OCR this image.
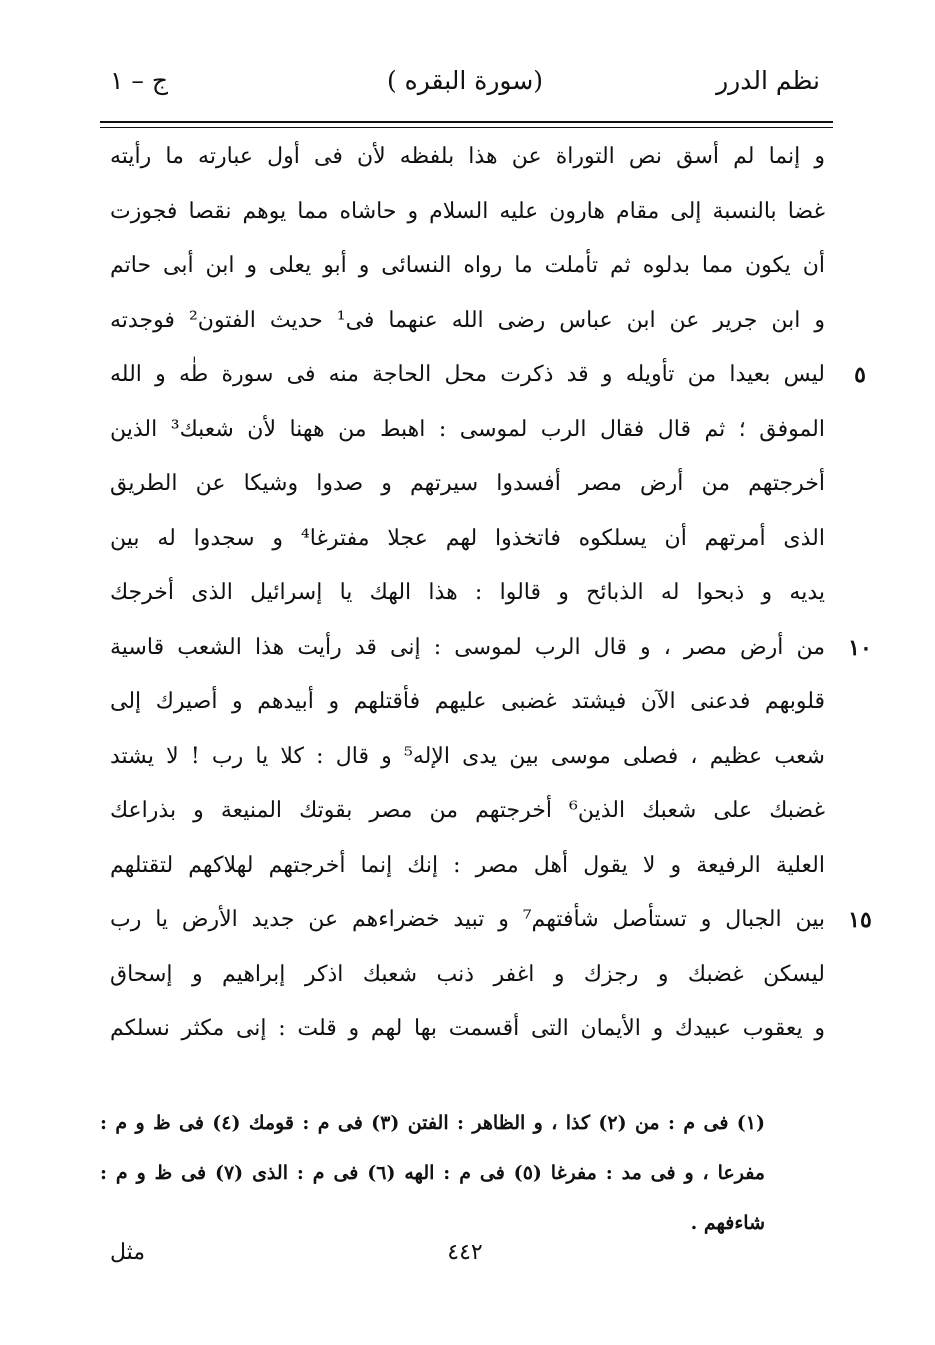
نظم الدرر
(سورة البقره )
ج – ١
و إنما لم أسق نص التوراة عن هذا بلفظه لأن فى أول عبارته ما رأيته
غضا بالنسبة إلى مقام هارون عليه السلام و حاشاه مما يوهم نقصا فجوزت
أن يكون مما بدلوه ثم تأملت ما رواه النسائى و أبو يعلى و ابن أبى حاتم
و ابن جرير عن ابن عباس رضى الله عنهما فى¹ حديث الفتون² فوجدته
٥
ليس بعيدا من تأويله و قد ذكرت محل الحاجة منه فى سورة طٰه و الله
الموفق ؛ ثم قال فقال الرب لموسى : اهبط من ههنا لأن شعبك³ الذين
أخرجتهم من أرض مصر أفسدوا سيرتهم و صدوا وشيكا عن الطريق
الذى أمرتهم أن يسلكوه فاتخذوا لهم عجلا مفترغا⁴ و سجدوا له بين
يديه و ذبحوا له الذبائح و قالوا : هذا الهك يا إسرائيل الذى أخرجك
١٠
من أرض مصر ، و قال الرب لموسى : إنى قد رأيت هذا الشعب قاسية
قلوبهم فدعنى الآن فيشتد غضبى عليهم فأقتلهم و أبيدهم و أصيرك إلى
شعب عظيم ، فصلى موسى بين يدى الإله⁵ و قال : كلا يا رب ! لا يشتد
غضبك على شعبك الذين⁶ أخرجتهم من مصر بقوتك المنيعة و بذراعك
العلية الرفيعة و لا يقول أهل مصر : إنك إنما أخرجتهم لهلاكهم لتقتلهم
١٥
بين الجبال و تستأصل شأفتهم⁷ و تبيد خضراءهم عن جديد الأرض يا رب
ليسكن غضبك و رجزك و اغفر ذنب شعبك اذكر إبراهيم و إسحاق
و يعقوب عبيدك و الأيمان التى أقسمت بها لهم و قلت : إنى مكثر نسلكم
(١) فى م : من (٢) كذا ، و الظاهر : الفتن (٣) فى م : قومك (٤) فى ظ و م :
مفرعا ، و فى مد : مفرغا (٥) فى م : الهه (٦) فى م : الذى (٧) فى ظ و م :
شاءفهم .
٤٤٢
مثل
